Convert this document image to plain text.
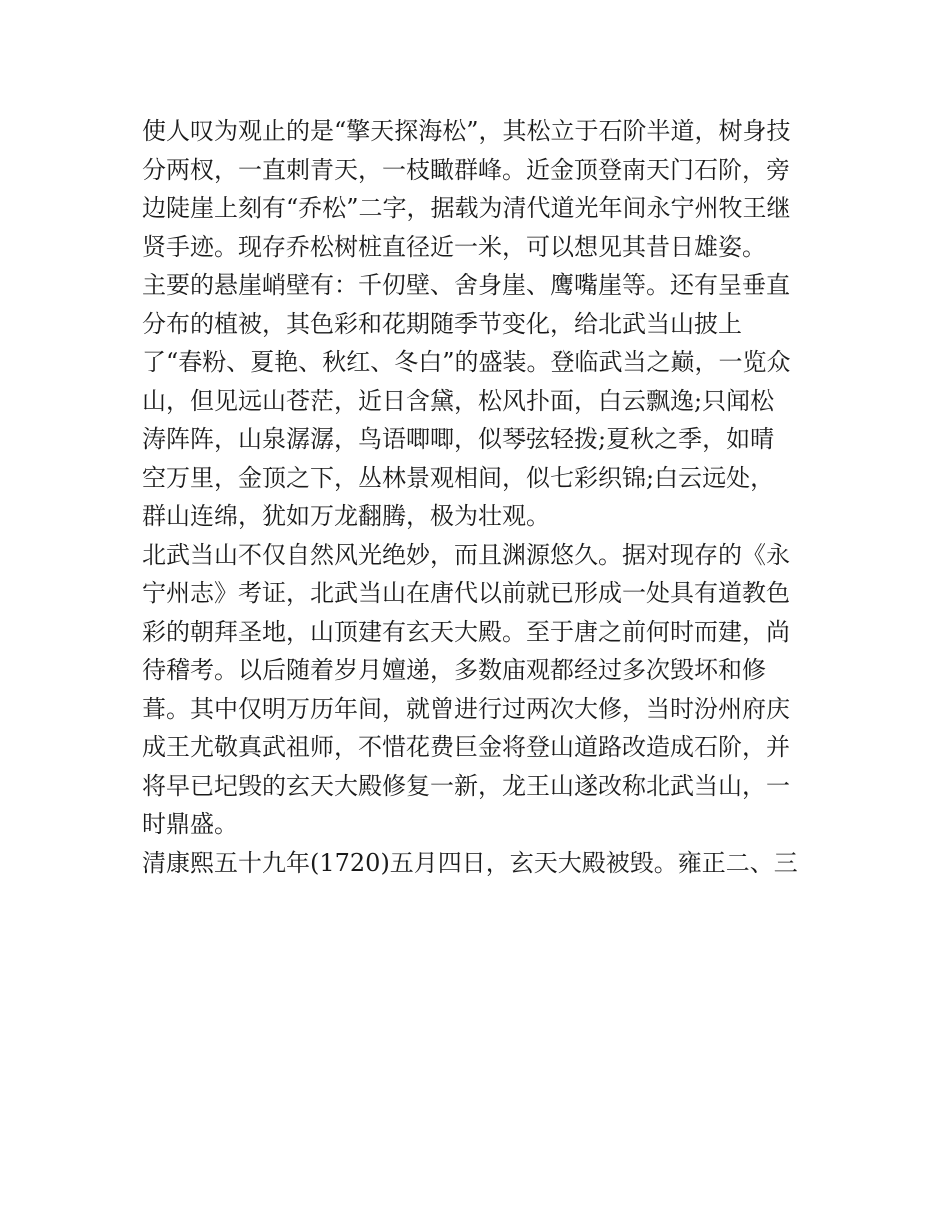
使人叹为观止的是“擎天探海松”，其松立于石阶半道，树身技
分两杈，一直刺青天，一枝瞰群峰。近金顶登南天门石阶，旁
边陡崖上刻有“乔松”二字，据载为清代道光年间永宁州牧王继
贤手迹。现存乔松树桩直径近一米，可以想见其昔日雄姿。
主要的悬崖峭壁有：千仞壁、舍身崖、鹰嘴崖等。还有呈垂直
分布的植被，其色彩和花期随季节变化，给北武当山披上
了“春粉、夏艳、秋红、冬白”的盛装。登临武当之巅，一览众
山，但见远山苍茫，近日含黛，松风扑面，白云飘逸;只闻松
涛阵阵，山泉潺潺，鸟语唧唧，似琴弦轻拨;夏秋之季，如晴
空万里，金顶之下，丛林景观相间，似七彩织锦;白云远处，
群山连绵，犹如万龙翻腾，极为壮观。
北武当山不仅自然风光绝妙，而且渊源悠久。据对现存的《永
宁州志》考证，北武当山在唐代以前就已形成一处具有道教色
彩的朝拜圣地，山顶建有玄天大殿。至于唐之前何时而建，尚
待稽考。以后随着岁月嬗递，多数庙观都经过多次毁坏和修
葺。其中仅明万历年间，就曾进行过两次大修，当时汾州府庆
成王尤敬真武祖师，不惜花费巨金将登山道路改造成石阶，并
将早已圮毁的玄天大殿修复一新，龙王山遂改称北武当山，一
时鼎盛。
清康熙五十九年(1720)五月四日，玄天大殿被毁。雍正二、三
